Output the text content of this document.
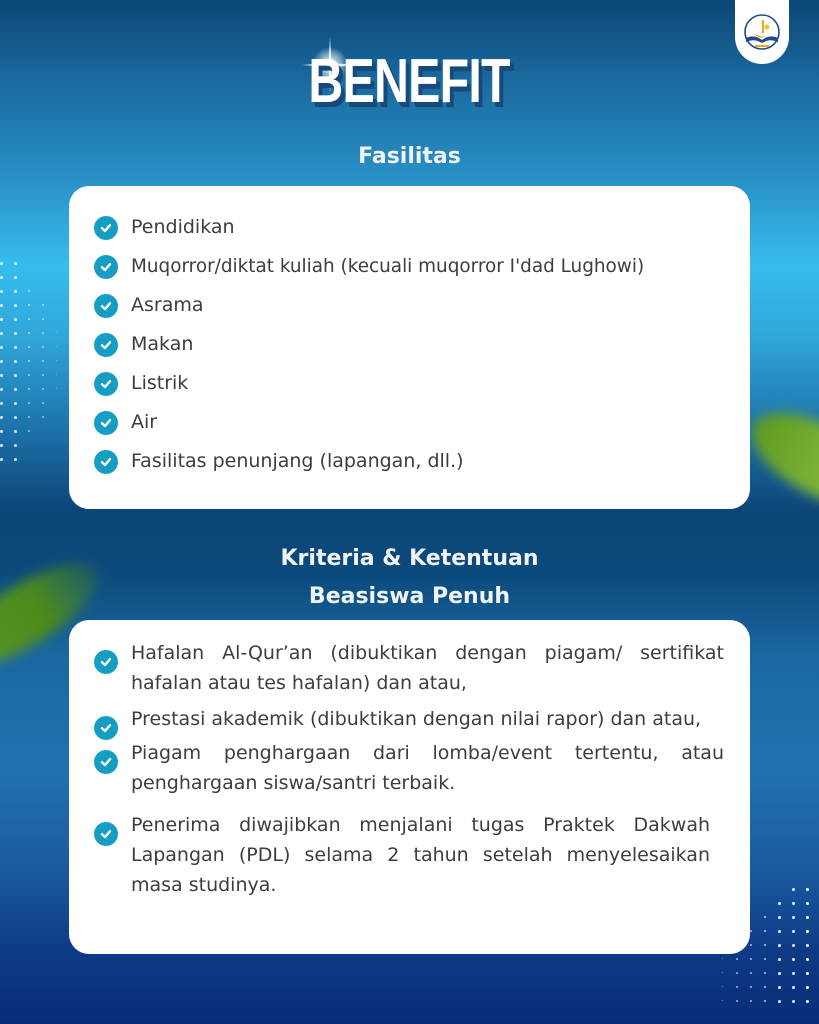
BENEFIT
Fasilitas
Pendidikan
Muqorror/diktat kuliah (kecuali muqorror I'dad Lughowi)
Asrama
Makan
Listrik
Air
Fasilitas penunjang (lapangan, dll.)
Kriteria & Ketentuan
Beasiswa Penuh
Hafalan Al-Qur’an (dibuktikan dengan piagam/ sertifikat hafalan atau tes hafalan) dan atau,
Prestasi akademik (dibuktikan dengan nilai rapor) dan atau,
Piagam penghargaan dari lomba/event tertentu, atau penghargaan siswa/santri terbaik.
Penerima diwajibkan menjalani tugas Praktek Dakwah Lapangan (PDL) selama 2 tahun setelah menyelesaikan masa studinya.
